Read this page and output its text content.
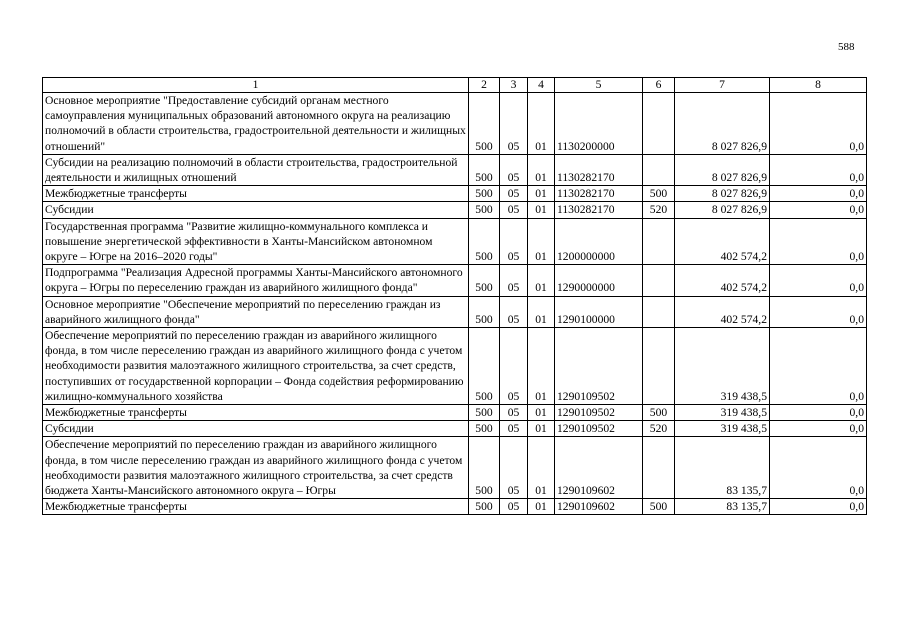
588
1	2	3	4	5	6	7	8
Основное мероприятие "Предоставление субсидий органам местного самоуправления муниципальных образований автономного округа на реализацию полномочий в области строительства, градостроительной деятельности и жилищных отношений"	500	05	01	1130200000		8 027 826,9	0,0
Субсидии на реализацию полномочий в области строительства, градостроительной деятельности и жилищных отношений	500	05	01	1130282170		8 027 826,9	0,0
Межбюджетные трансферты	500	05	01	1130282170	500	8 027 826,9	0,0
Субсидии	500	05	01	1130282170	520	8 027 826,9	0,0
Государственная программа "Развитие жилищно-коммунального комплекса и повышение энергетической эффективности в Ханты-Мансийском автономном округе – Югре на 2016–2020 годы"	500	05	01	1200000000		402 574,2	0,0
Подпрограмма "Реализация Адресной программы Ханты-Мансийского автономного округа – Югры по переселению граждан из аварийного жилищного фонда"	500	05	01	1290000000		402 574,2	0,0
Основное мероприятие "Обеспечение мероприятий по переселению граждан из аварийного жилищного фонда"	500	05	01	1290100000		402 574,2	0,0
Обеспечение мероприятий по переселению граждан из аварийного жилищного фонда, в том числе переселению граждан из аварийного жилищного фонда с учетом необходимости развития малоэтажного жилищного строительства, за счет средств, поступивших от государственной корпорации – Фонда содействия реформированию жилищно-коммунального хозяйства	500	05	01	1290109502		319 438,5	0,0
Межбюджетные трансферты	500	05	01	1290109502	500	319 438,5	0,0
Субсидии	500	05	01	1290109502	520	319 438,5	0,0
Обеспечение мероприятий по переселению граждан из аварийного жилищного фонда, в том числе переселению граждан из аварийного жилищного фонда с учетом необходимости развития малоэтажного жилищного строительства, за счет средств бюджета Ханты-Мансийского автономного округа – Югры	500	05	01	1290109602		83 135,7	0,0
Межбюджетные трансферты	500	05	01	1290109602	500	83 135,7	0,0
